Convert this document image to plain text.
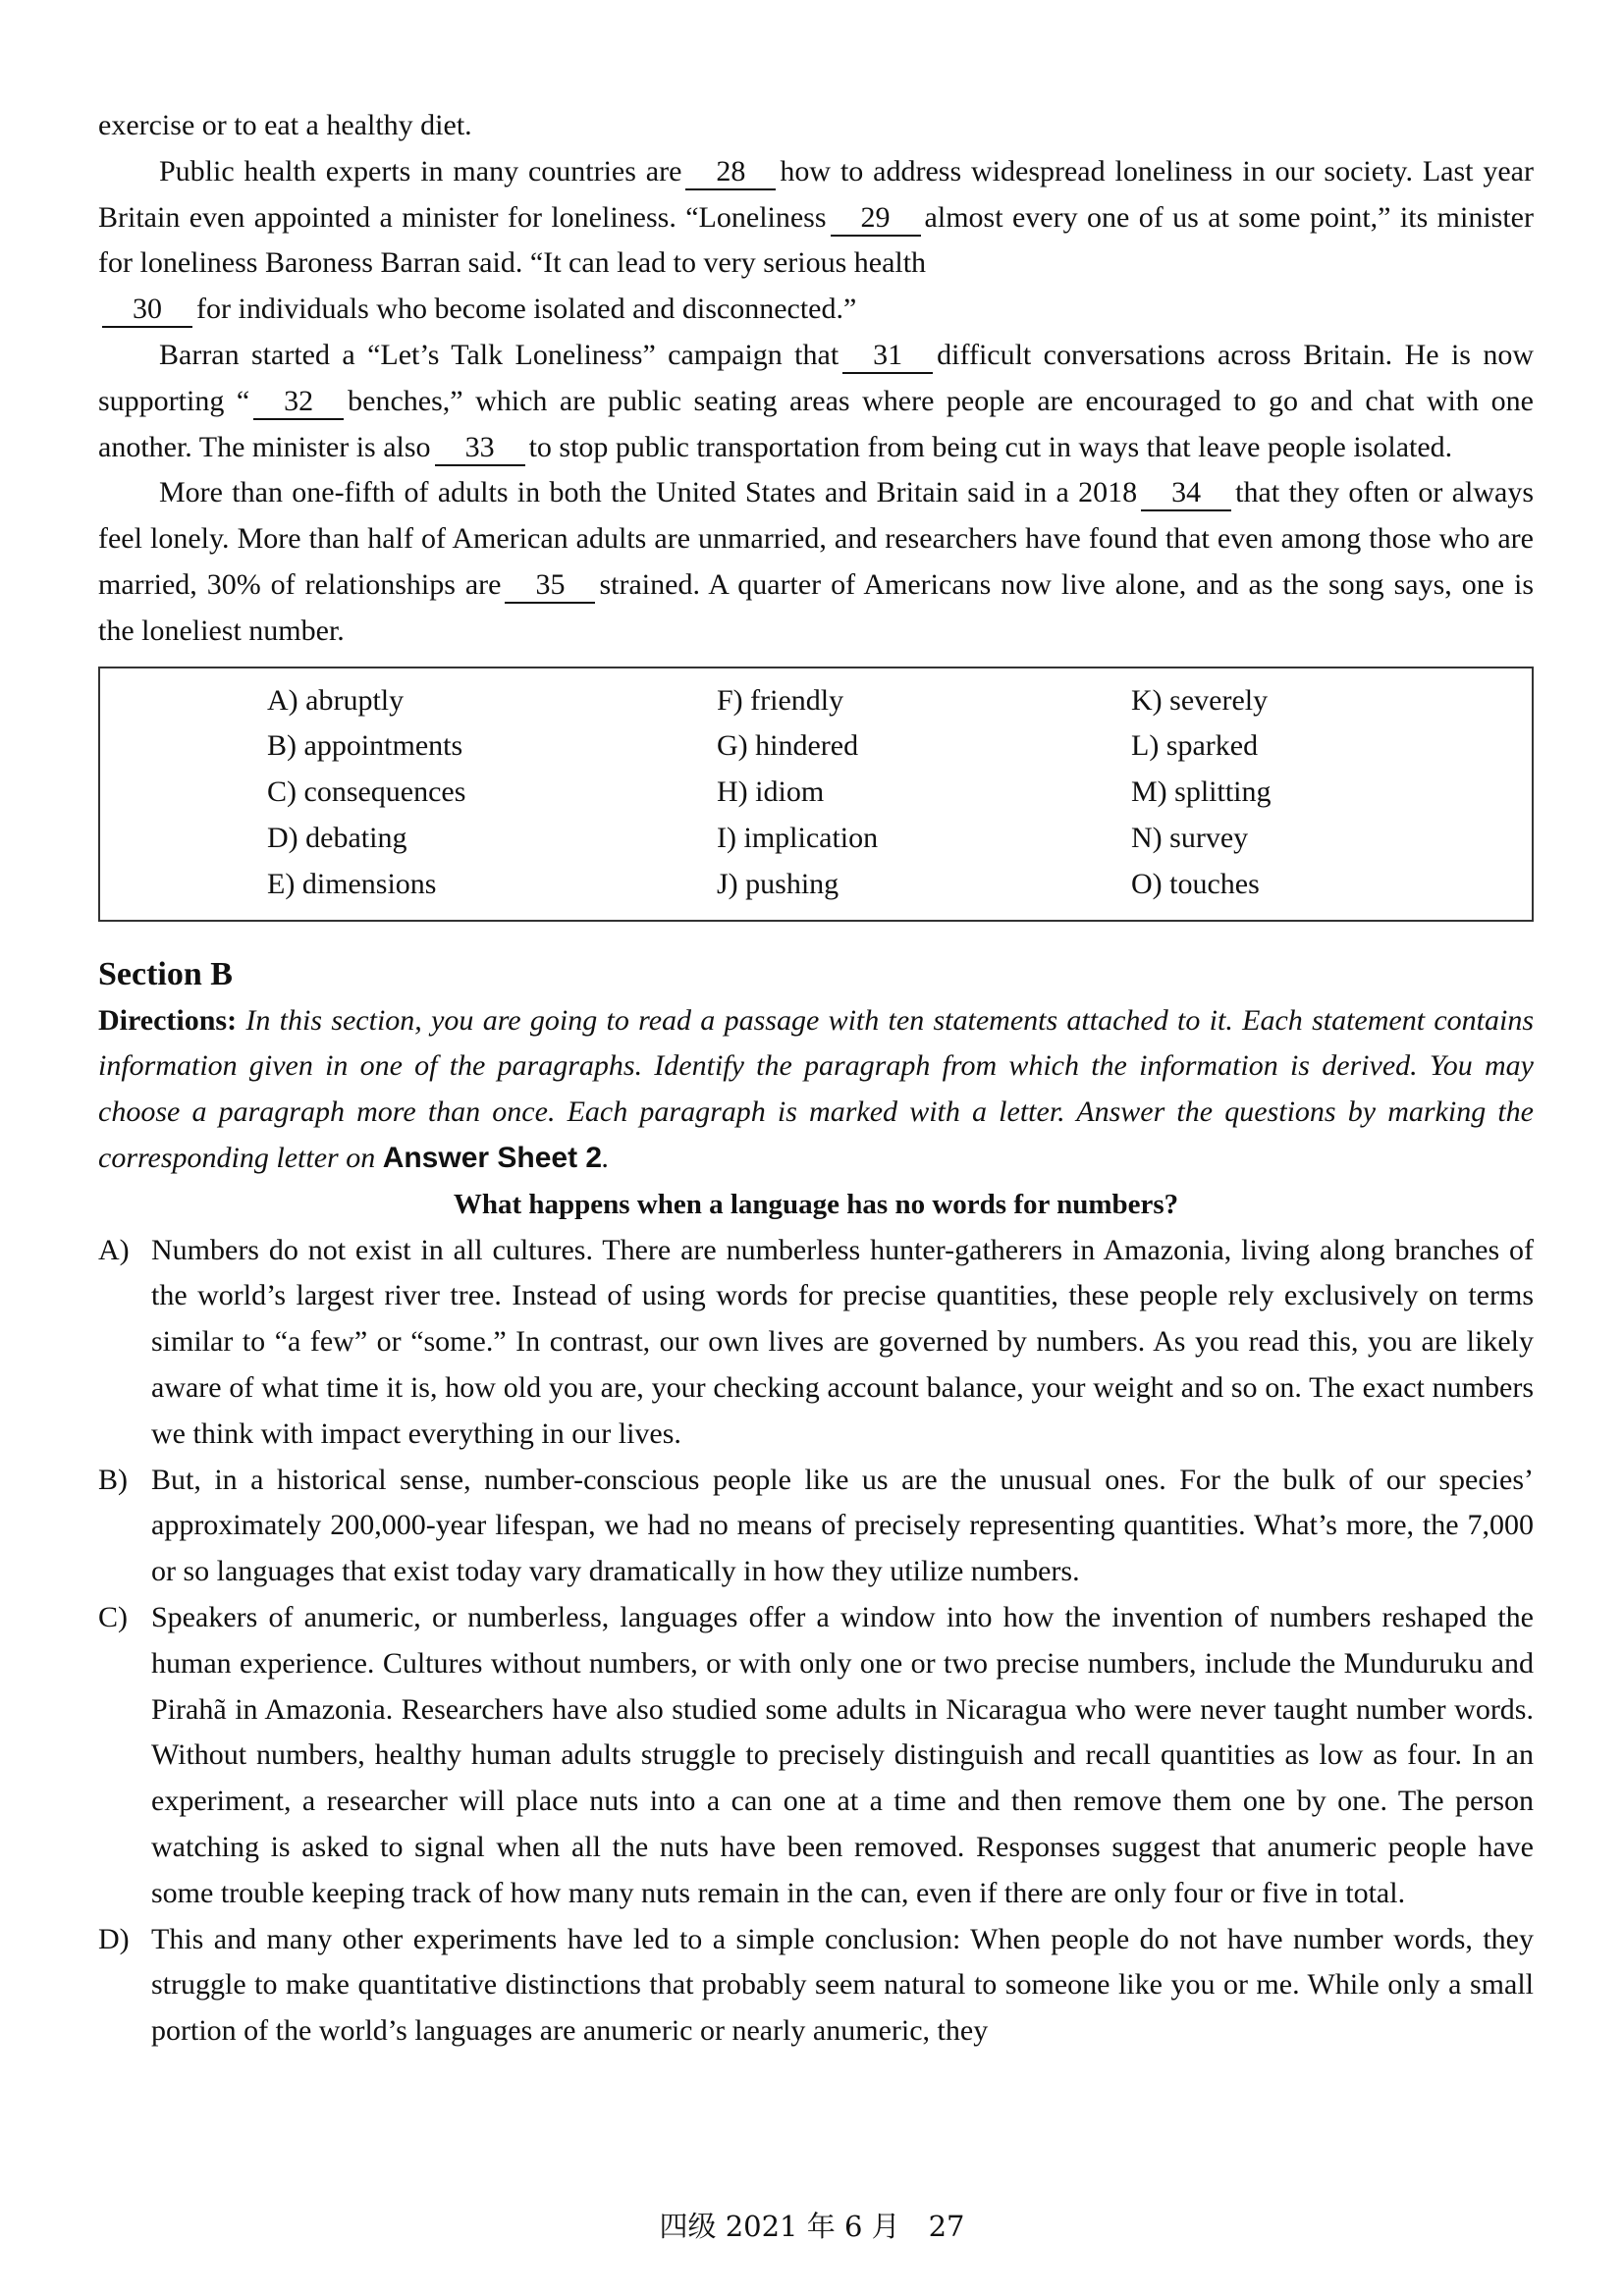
exercise or to eat a healthy diet.

Public health experts in many countries are 28 how to address widespread loneliness in our society. Last year Britain even appointed a minister for loneliness. “Loneliness 29 almost every one of us at some point,” its minister for loneliness Baroness Barran said. “It can lead to very serious health
30 for individuals who become isolated and disconnected.”

Barran started a “Let’s Talk Loneliness” campaign that 31 difficult conversations across Britain. He is now supporting “ 32 benches,” which are public seating areas where people are encouraged to go and chat with one another. The minister is also 33 to stop public transportation from being cut in ways that leave people isolated.

More than one-fifth of adults in both the United States and Britain said in a 2018 34 that they often or always feel lonely. More than half of American adults are unmarried, and researchers have found that even among those who are married, 30% of relationships are 35 strained. A quarter of Americans now live alone, and as the song says, one is the loneliest number.

A) abruptly
B) appointments
C) consequences
D) debating
E) dimensions
F) friendly
G) hindered
H) idiom
I) implication
J) pushing
K) severely
L) sparked
M) splitting
N) survey
O) touches
Section B

Directions: In this section, you are going to read a passage with ten statements attached to it. Each statement contains information given in one of the paragraphs. Identify the paragraph from which the information is derived. You may choose a paragraph more than once. Each paragraph is marked with a letter. Answer the questions by marking the corresponding letter on Answer Sheet 2.

What happens when a language has no words for numbers?

A) Numbers do not exist in all cultures. There are numberless hunter-gatherers in Amazonia, living along branches of the world’s largest river tree. Instead of using words for precise quantities, these people rely exclusively on terms similar to “a few” or “some.” In contrast, our own lives are governed by numbers. As you read this, you are likely aware of what time it is, how old you are, your checking account balance, your weight and so on. The exact numbers we think with impact everything in our lives.

B) But, in a historical sense, number-conscious people like us are the unusual ones. For the bulk of our species’ approximately 200,000-year lifespan, we had no means of precisely representing quantities. What’s more, the 7,000 or so languages that exist today vary dramatically in how they utilize numbers.

C) Speakers of anumeric, or numberless, languages offer a window into how the invention of numbers reshaped the human experience. Cultures without numbers, or with only one or two precise numbers, include the Munduruku and Pirahã in Amazonia. Researchers have also studied some adults in Nicaragua who were never taught number words. Without numbers, healthy human adults struggle to precisely distinguish and recall quantities as low as four. In an experiment, a researcher will place nuts into a can one at a time and then remove them one by one. The person watching is asked to signal when all the nuts have been removed. Responses suggest that anumeric people have some trouble keeping track of how many nuts remain in the can, even if there are only four or five in total.

D) This and many other experiments have led to a simple conclusion: When people do not have number words, they struggle to make quantitative distinctions that probably seem natural to someone like you or me. While only a small portion of the world’s languages are anumeric or nearly anumeric, they

四级 2021 年 6 月　27
